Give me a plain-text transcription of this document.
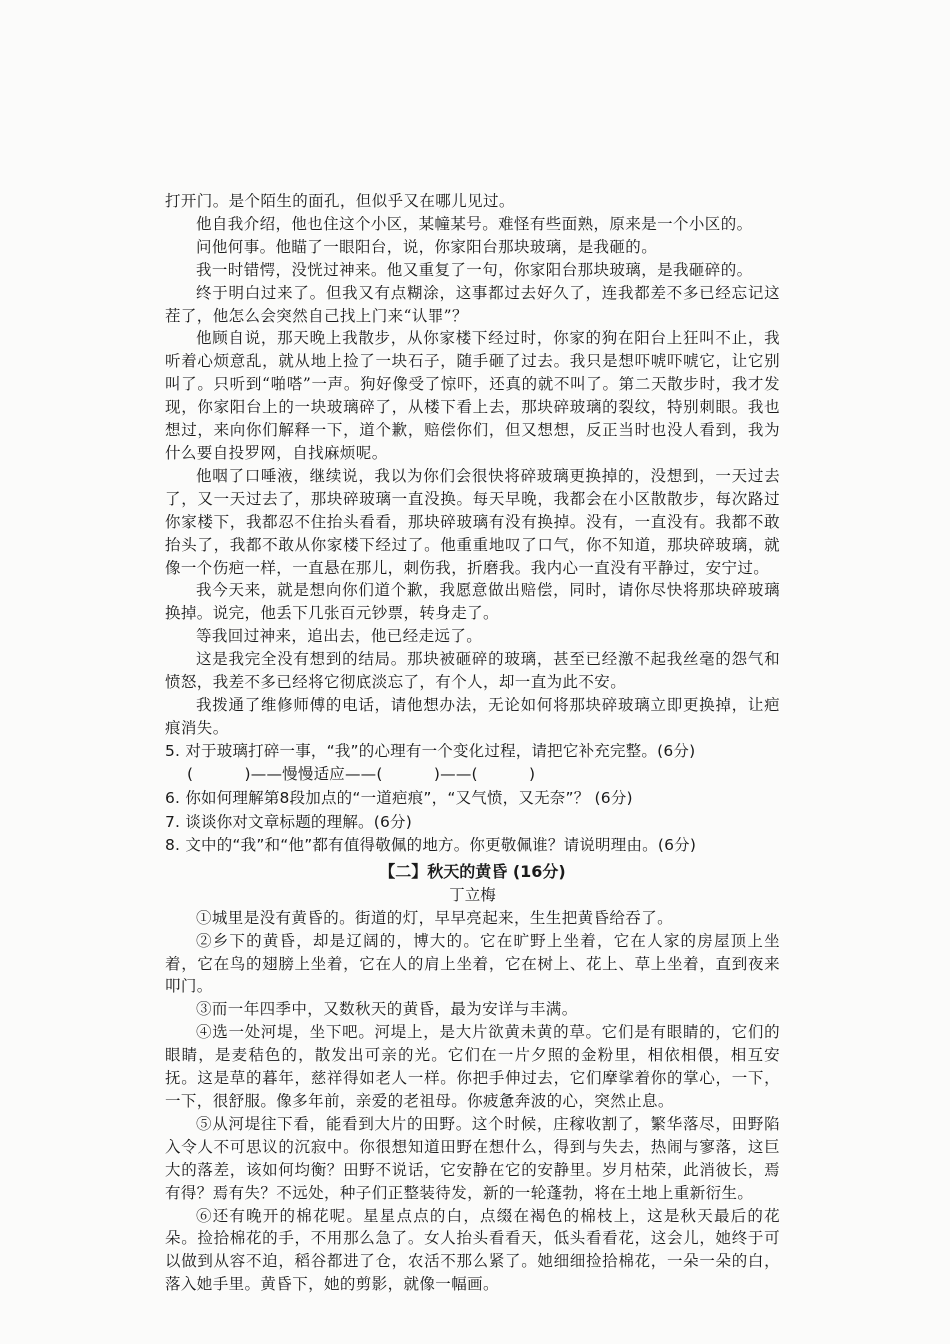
打开门。是个陌生的面孔，但似乎又在哪儿见过。

他自我介绍，他也住这个小区，某幢某号。难怪有些面熟，原来是一个小区的。

问他何事。他瞄了一眼阳台，说，你家阳台那块玻璃，是我砸的。

我一时错愕，没恍过神来。他又重复了一句，你家阳台那块玻璃，是我砸碎的。

终于明白过来了。但我又有点糊涂，这事都过去好久了，连我都差不多已经忘记这茬了，他怎么会突然自己找上门来“认罪”？

他顾自说，那天晚上我散步，从你家楼下经过时，你家的狗在阳台上狂叫不止，我听着心烦意乱，就从地上捡了一块石子，随手砸了过去。我只是想吓唬吓唬它，让它别叫了。只听到“啪嗒”一声。狗好像受了惊吓，还真的就不叫了。第二天散步时，我才发现，你家阳台上的一块玻璃碎了，从楼下看上去，那块碎玻璃的裂纹，特别刺眼。我也想过，来向你们解释一下，道个歉，赔偿你们，但又想想，反正当时也没人看到，我为什么要自投罗网，自找麻烦呢。

他咽了口唾液，继续说，我以为你们会很快将碎玻璃更换掉的，没想到，一天过去了，又一天过去了，那块碎玻璃一直没换。每天早晚，我都会在小区散散步，每次路过你家楼下，我都忍不住抬头看看，那块碎玻璃有没有换掉。没有，一直没有。我都不敢抬头了，我都不敢从你家楼下经过了。他重重地叹了口气，你不知道，那块碎玻璃，就像一个伤疤一样，一直悬在那儿，刺伤我，折磨我。我内心一直没有平静过，安宁过。

我今天来，就是想向你们道个歉，我愿意做出赔偿，同时，请你尽快将那块碎玻璃换掉。说完，他丢下几张百元钞票，转身走了。

等我回过神来，追出去，他已经走远了。

这是我完全没有想到的结局。那块被砸碎的玻璃，甚至已经激不起我丝毫的怨气和愤怒，我差不多已经将它彻底淡忘了，有个人，却一直为此不安。

我拨通了维修师傅的电话，请他想办法，无论如何将那块碎玻璃立即更换掉，让疤痕消失。

5. 对于玻璃打碎一事，“我”的心理有一个变化过程，请把它补充完整。(6分)

(          )——慢慢适应——(          )——(          )

6. 你如何理解第8段加点的“一道疤痕”，“又气愤，又无奈”？ (6分)

7. 谈谈你对文章标题的理解。(6分)

8. 文中的“我”和“他”都有值得敬佩的地方。你更敬佩谁？请说明理由。(6分)

【二】秋天的黄昏 (16分)

丁立梅

①城里是没有黄昏的。街道的灯，早早亮起来，生生把黄昏给吞了。

②乡下的黄昏，却是辽阔的，博大的。它在旷野上坐着，它在人家的房屋顶上坐着，它在鸟的翅膀上坐着，它在人的肩上坐着，它在树上、花上、草上坐着，直到夜来叩门。

③而一年四季中，又数秋天的黄昏，最为安详与丰满。

④选一处河堤，坐下吧。河堤上，是大片欲黄未黄的草。它们是有眼睛的，它们的眼睛，是麦秸色的，散发出可亲的光。它们在一片夕照的金粉里，相依相偎，相互安抚。这是草的暮年，慈祥得如老人一样。你把手伸过去，它们摩挲着你的掌心，一下，一下，很舒服。像多年前，亲爱的老祖母。你疲惫奔波的心，突然止息。

⑤从河堤往下看，能看到大片的田野。这个时候，庄稼收割了，繁华落尽，田野陷入令人不可思议的沉寂中。你很想知道田野在想什么，得到与失去，热闹与寥落，这巨大的落差，该如何均衡？田野不说话，它安静在它的安静里。岁月枯荣，此消彼长，焉有得？焉有失？不远处，种子们正整装待发，新的一轮蓬勃，将在土地上重新衍生。

⑥还有晚开的棉花呢。星星点点的白，点缀在褐色的棉枝上，这是秋天最后的花朵。捡拾棉花的手，不用那么急了。女人抬头看看天，低头看看花，这会儿，她终于可以做到从容不迫，稻谷都进了仓，农活不那么紧了。她细细捡拾棉花，一朵一朵的白，落入她手里。黄昏下，她的剪影，就像一幅画。
